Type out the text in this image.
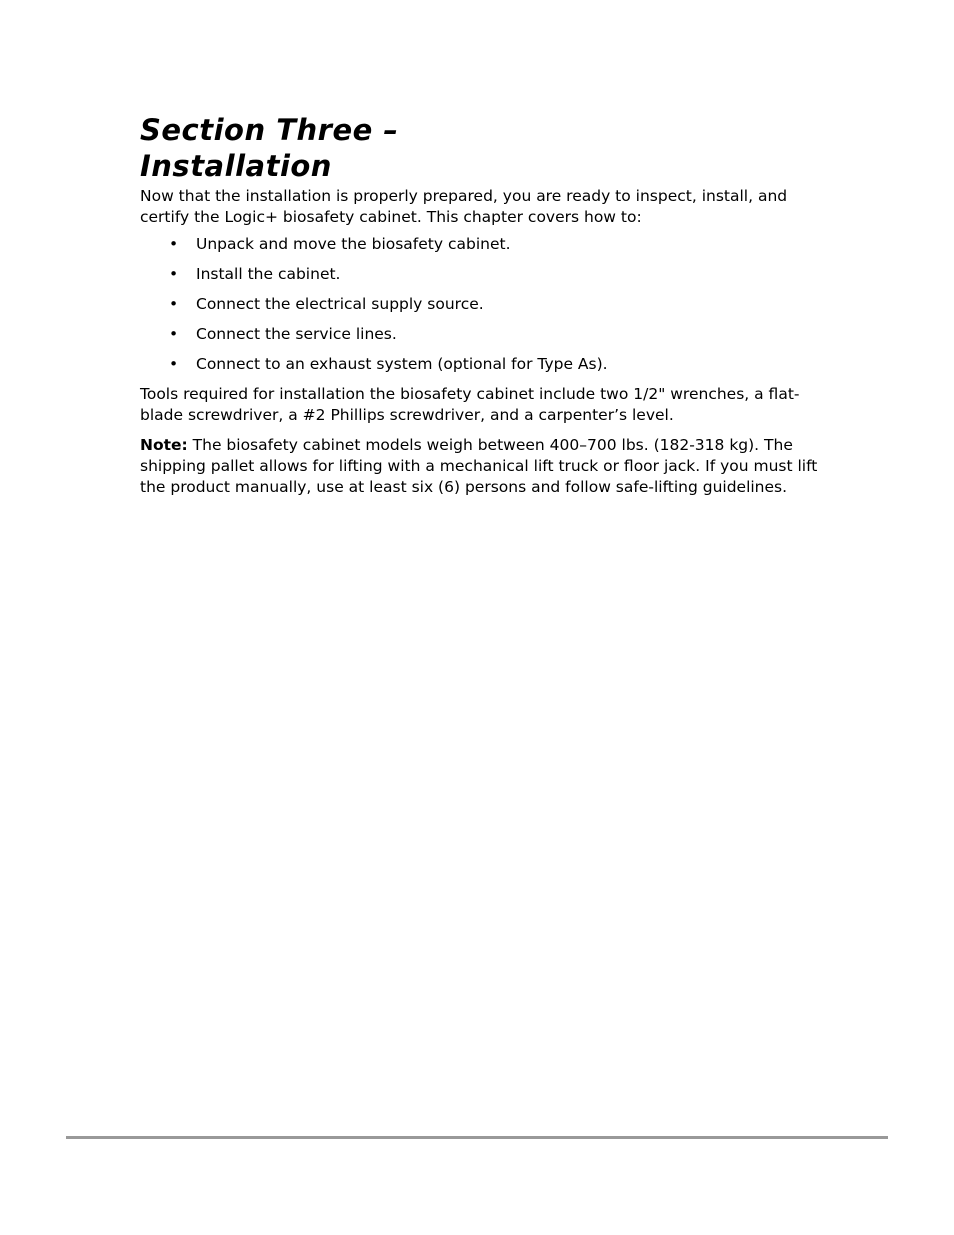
Section Three –
Installation

Now that the installation is properly prepared, you are ready to inspect, install, and certify the Logic+ biosafety cabinet. This chapter covers how to:

• Unpack and move the biosafety cabinet.
• Install the cabinet.
• Connect the electrical supply source.
• Connect the service lines.
• Connect to an exhaust system (optional for Type As).

Tools required for installation the biosafety cabinet include two 1/2" wrenches, a flat-blade screwdriver, a #2 Phillips screwdriver, and a carpenter’s level.

Note: The biosafety cabinet models weigh between 400–700 lbs. (182-318 kg). The shipping pallet allows for lifting with a mechanical lift truck or floor jack. If you must lift the product manually, use at least six (6) persons and follow safe-lifting guidelines.
